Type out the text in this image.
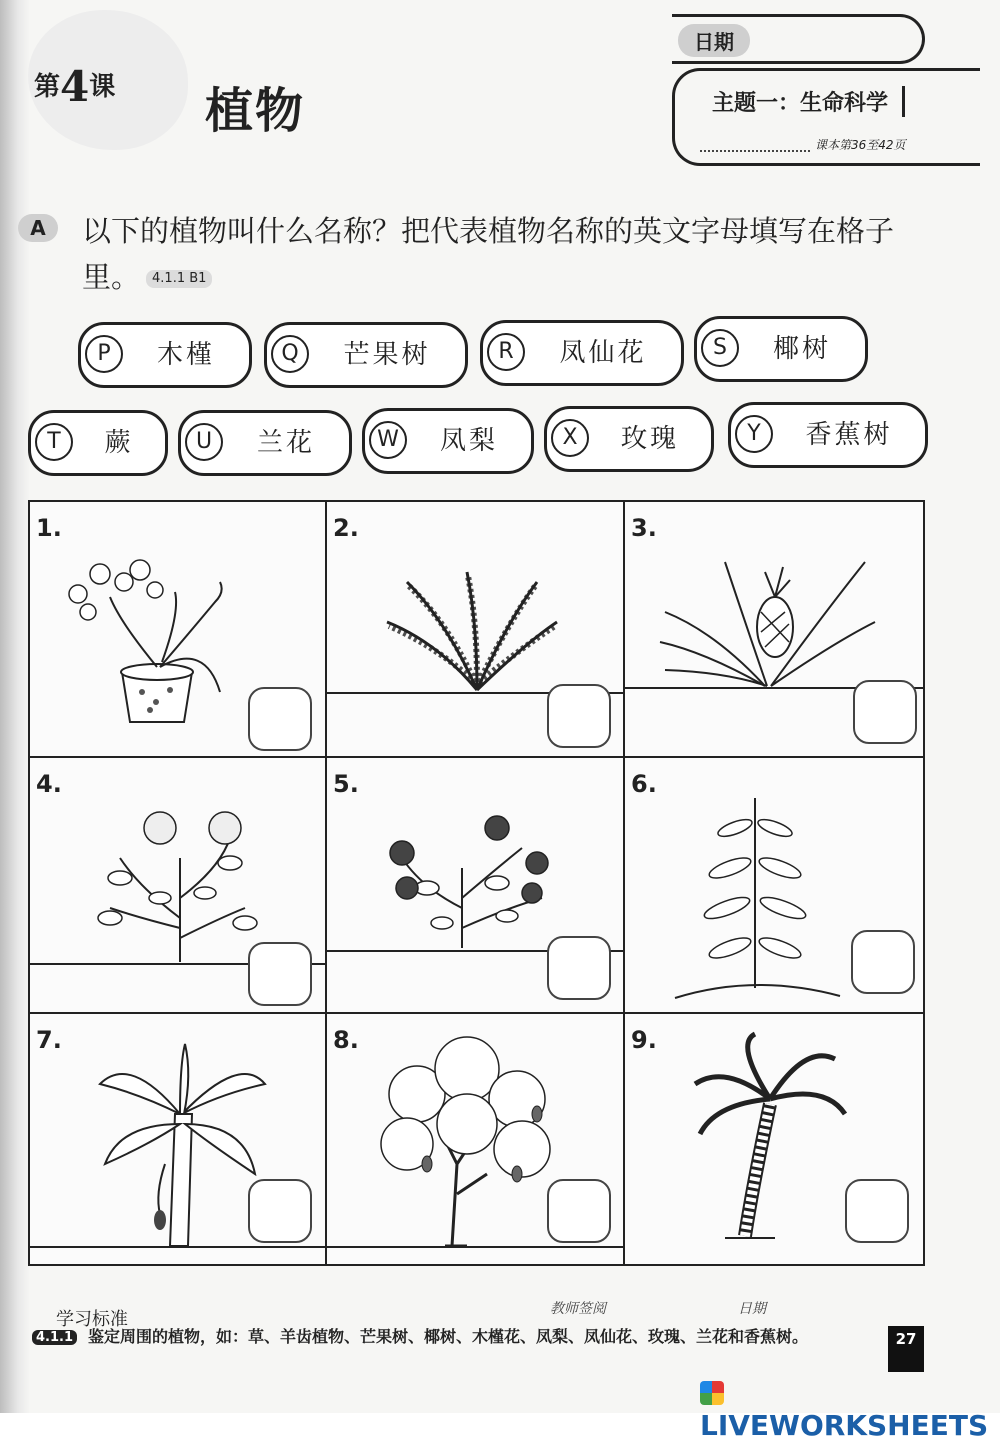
第4课 植物
日期
主题一：生命科学
课本第36至42页
A	以下的植物叫什么名称？把代表植物名称的英文字母填写在格子里。 4.1.1 B1
P	木槿	Q	芒果树	R	凤仙花	S	椰树
T	蕨	U	兰花	W	凤梨	X	玫瑰	Y	香蕉树
1.	2.	3.
4.	5.	6.
7.	8.	9.
学习标准	教师签阅	日期
4.1.1 鉴定周围的植物，如：草、羊齿植物、芒果树、椰树、木槿花、凤梨、凤仙花、玫瑰、兰花和香蕉树。	27
LIVEWORKSHEETS
